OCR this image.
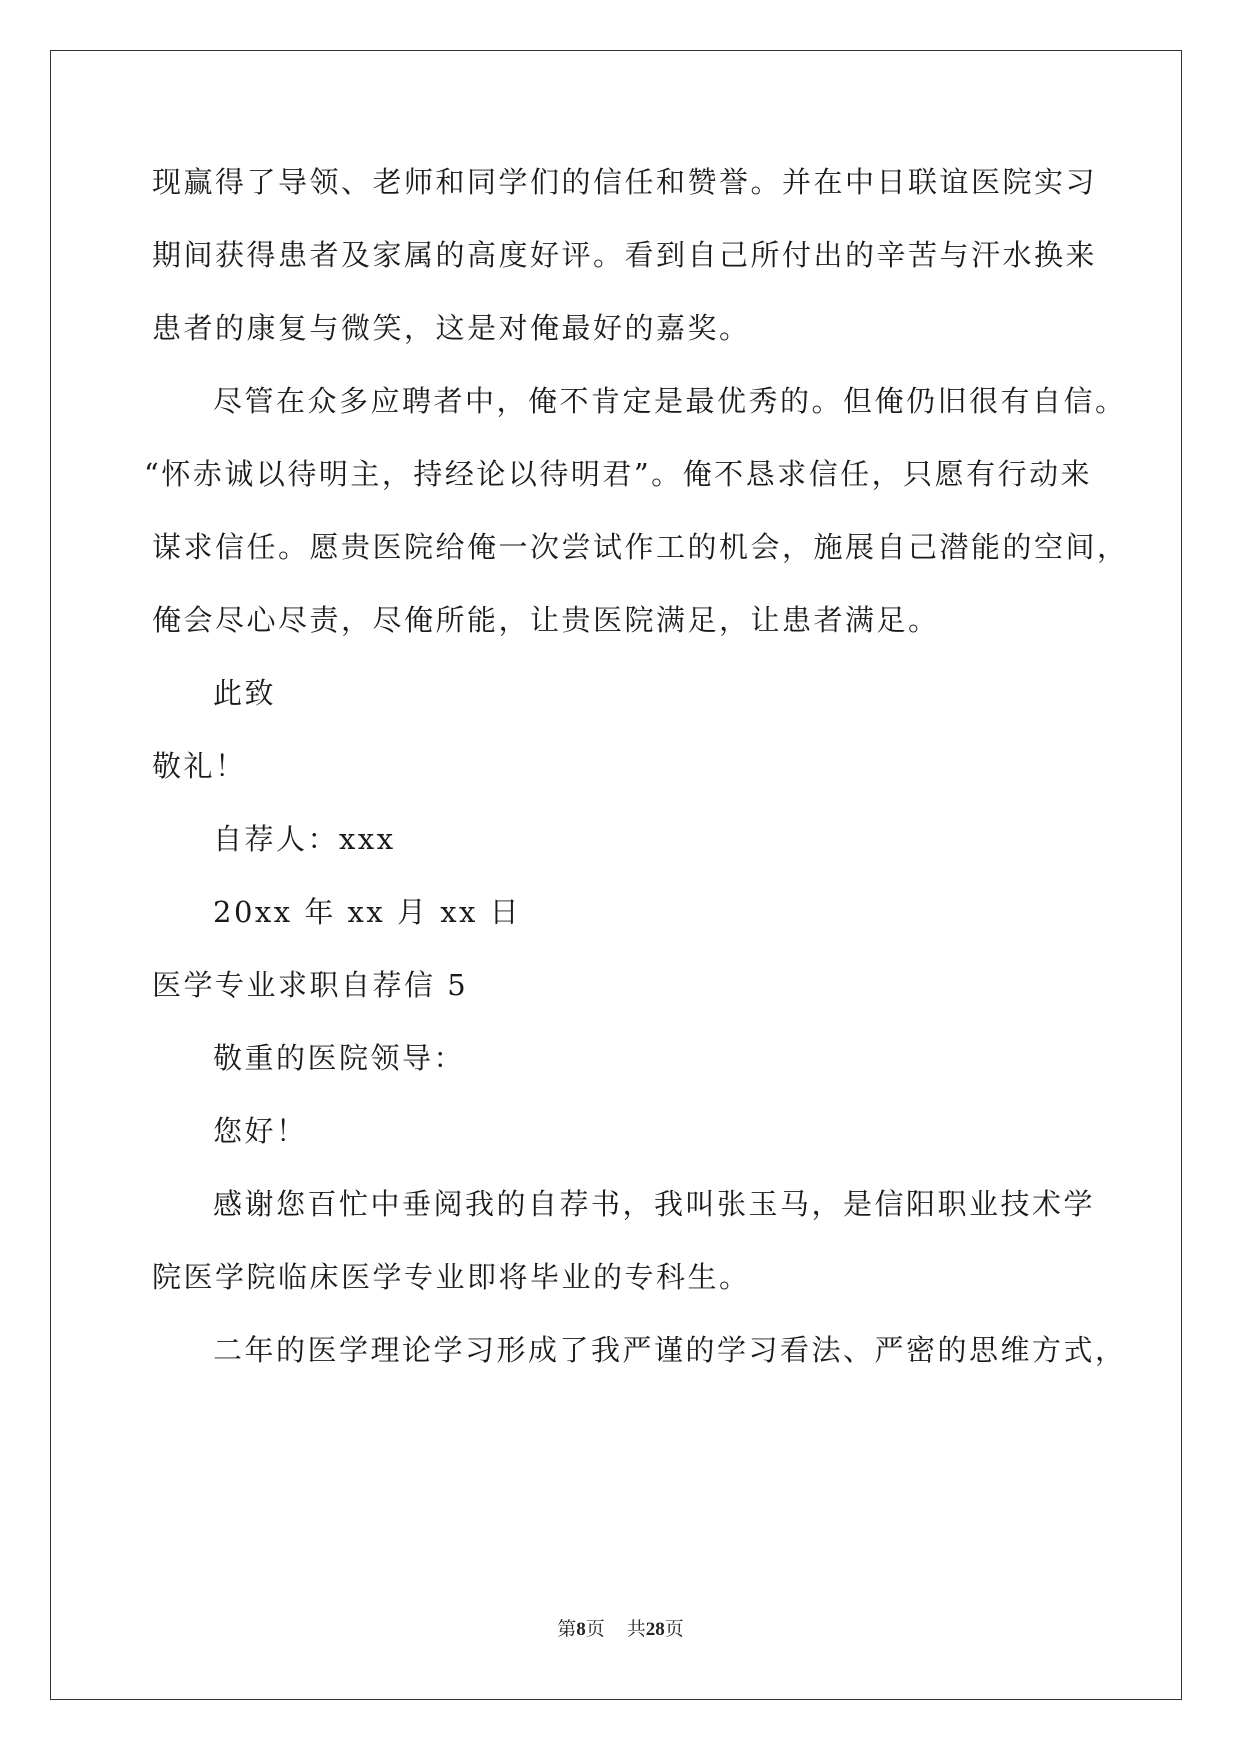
现赢得了导领、老师和同学们的信任和赞誉。并在中日联谊医院实习
期间获得患者及家属的高度好评。看到自己所付出的辛苦与汗水换来
患者的康复与微笑，这是对俺最好的嘉奖。
尽管在众多应聘者中，俺不肯定是最优秀的。但俺仍旧很有自信。
“怀赤诚以待明主，持经论以待明君”。俺不恳求信任，只愿有行动来
谋求信任。愿贵医院给俺一次尝试作工的机会，施展自己潜能的空间，
俺会尽心尽责，尽俺所能，让贵医院满足，让患者满足。
此致
敬礼！
自荐人：xxx
20xx 年 xx 月 xx 日
医学专业求职自荐信 5
敬重的医院领导：
您好！
感谢您百忙中垂阅我的自荐书，我叫张玉马，是信阳职业技术学
院医学院临床医学专业即将毕业的专科生。
二年的医学理论学习形成了我严谨的学习看法、严密的思维方式，
第8页 共28页
